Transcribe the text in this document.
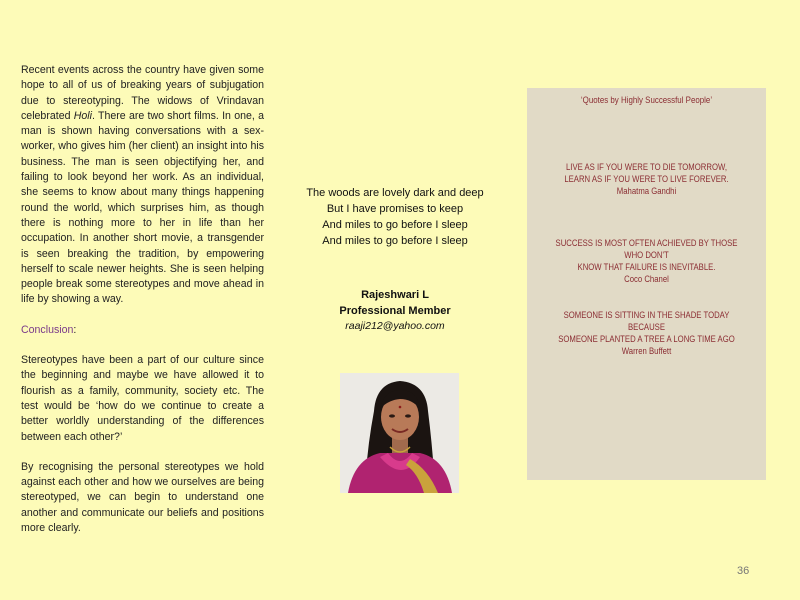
Recent events across the country have given some hope to all of us of breaking years of subjugation due to stereotyping. The widows of Vrindavan celebrated Holi. There are two short films. In one, a man is shown having conversations with a sex-worker, who gives him (her client) an insight into his business. The man is seen objectifying her, and failing to look beyond her work. As an individual, she seems to know about many things happening round the world, which surprises him, as though there is nothing more to her in life than her occupation. In another short movie, a transgender is seen breaking the tradition, by empowering herself to scale newer heights. She is seen helping people break some stereotypes and move ahead in life by showing a way.

Conclusion:

Stereotypes have been a part of our culture since the beginning and maybe we have allowed it to flourish as a family, community, society etc. The test would be ‘how do we continue to create a better worldly understanding of the differences between each other?’

By recognising the personal stereotypes we hold against each other and how we ourselves are being stereotyped, we can begin to understand one another and communicate our beliefs and positions more clearly.

The woods are lovely dark and deep

But I have promises to keep

And miles to go before I sleep

And miles to go before I sleep

Rajeshwari L
Professional Member
raaji212@yahoo.com
‘Quotes by Highly Successful People’
LIVE AS IF YOU WERE TO DIE TOMORROW,
LEARN AS IF YOU WERE TO LIVE FOREVER.
Mahatma Gandhi
SUCCESS IS MOST OFTEN ACHIEVED BY THOSE WHO DON'T
KNOW THAT FAILURE IS INEVITABLE.
Coco Chanel
SOMEONE IS SITTING IN THE SHADE TODAY BECAUSE
SOMEONE PLANTED A TREE A LONG TIME AGO
Warren Buffett
36
